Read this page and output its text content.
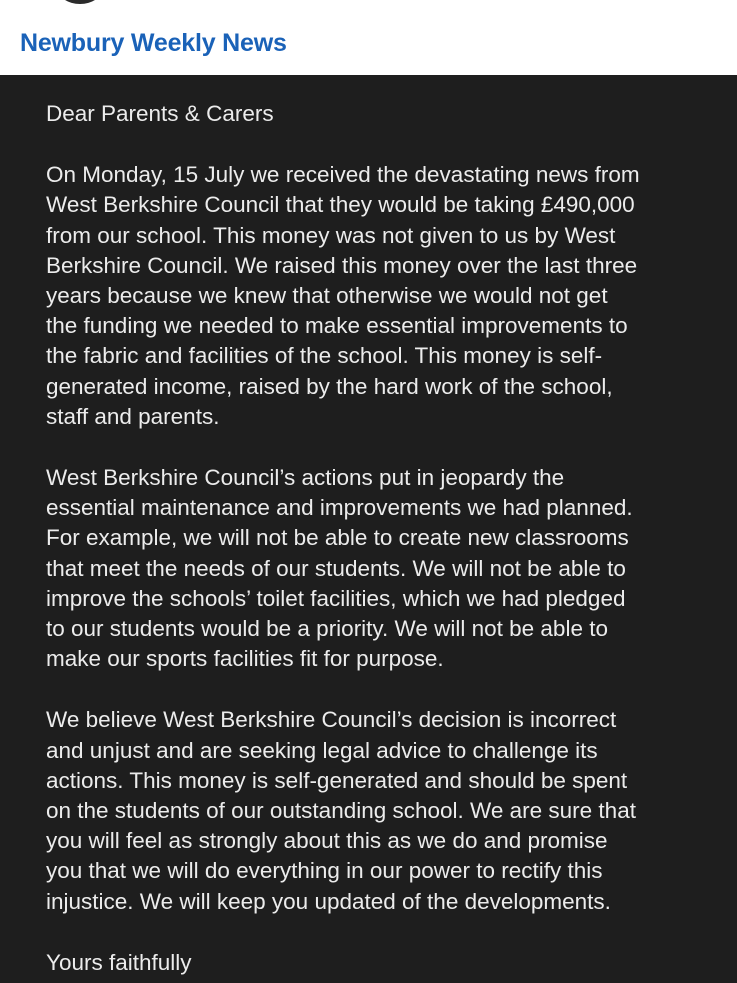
Newbury Weekly News

Dear Parents & Carers

On Monday, 15 July we received the devastating news from
West Berkshire Council that they would be taking £490,000
from our school. This money was not given to us by West
Berkshire Council. We raised this money over the last three
years because we knew that otherwise we would not get
the funding we needed to make essential improvements to
the fabric and facilities of the school. This money is self-
generated income, raised by the hard work of the school,
staff and parents.

West Berkshire Council’s actions put in jeopardy the
essential maintenance and improvements we had planned.
For example, we will not be able to create new classrooms
that meet the needs of our students. We will not be able to
improve the schools’ toilet facilities, which we had pledged
to our students would be a priority. We will not be able to
make our sports facilities fit for purpose.

We believe West Berkshire Council’s decision is incorrect
and unjust and are seeking legal advice to challenge its
actions. This money is self-generated and should be spent
on the students of our outstanding school. We are sure that
you will feel as strongly about this as we do and promise
you that we will do everything in our power to rectify this
injustice. We will keep you updated of the developments.

Yours faithfully
